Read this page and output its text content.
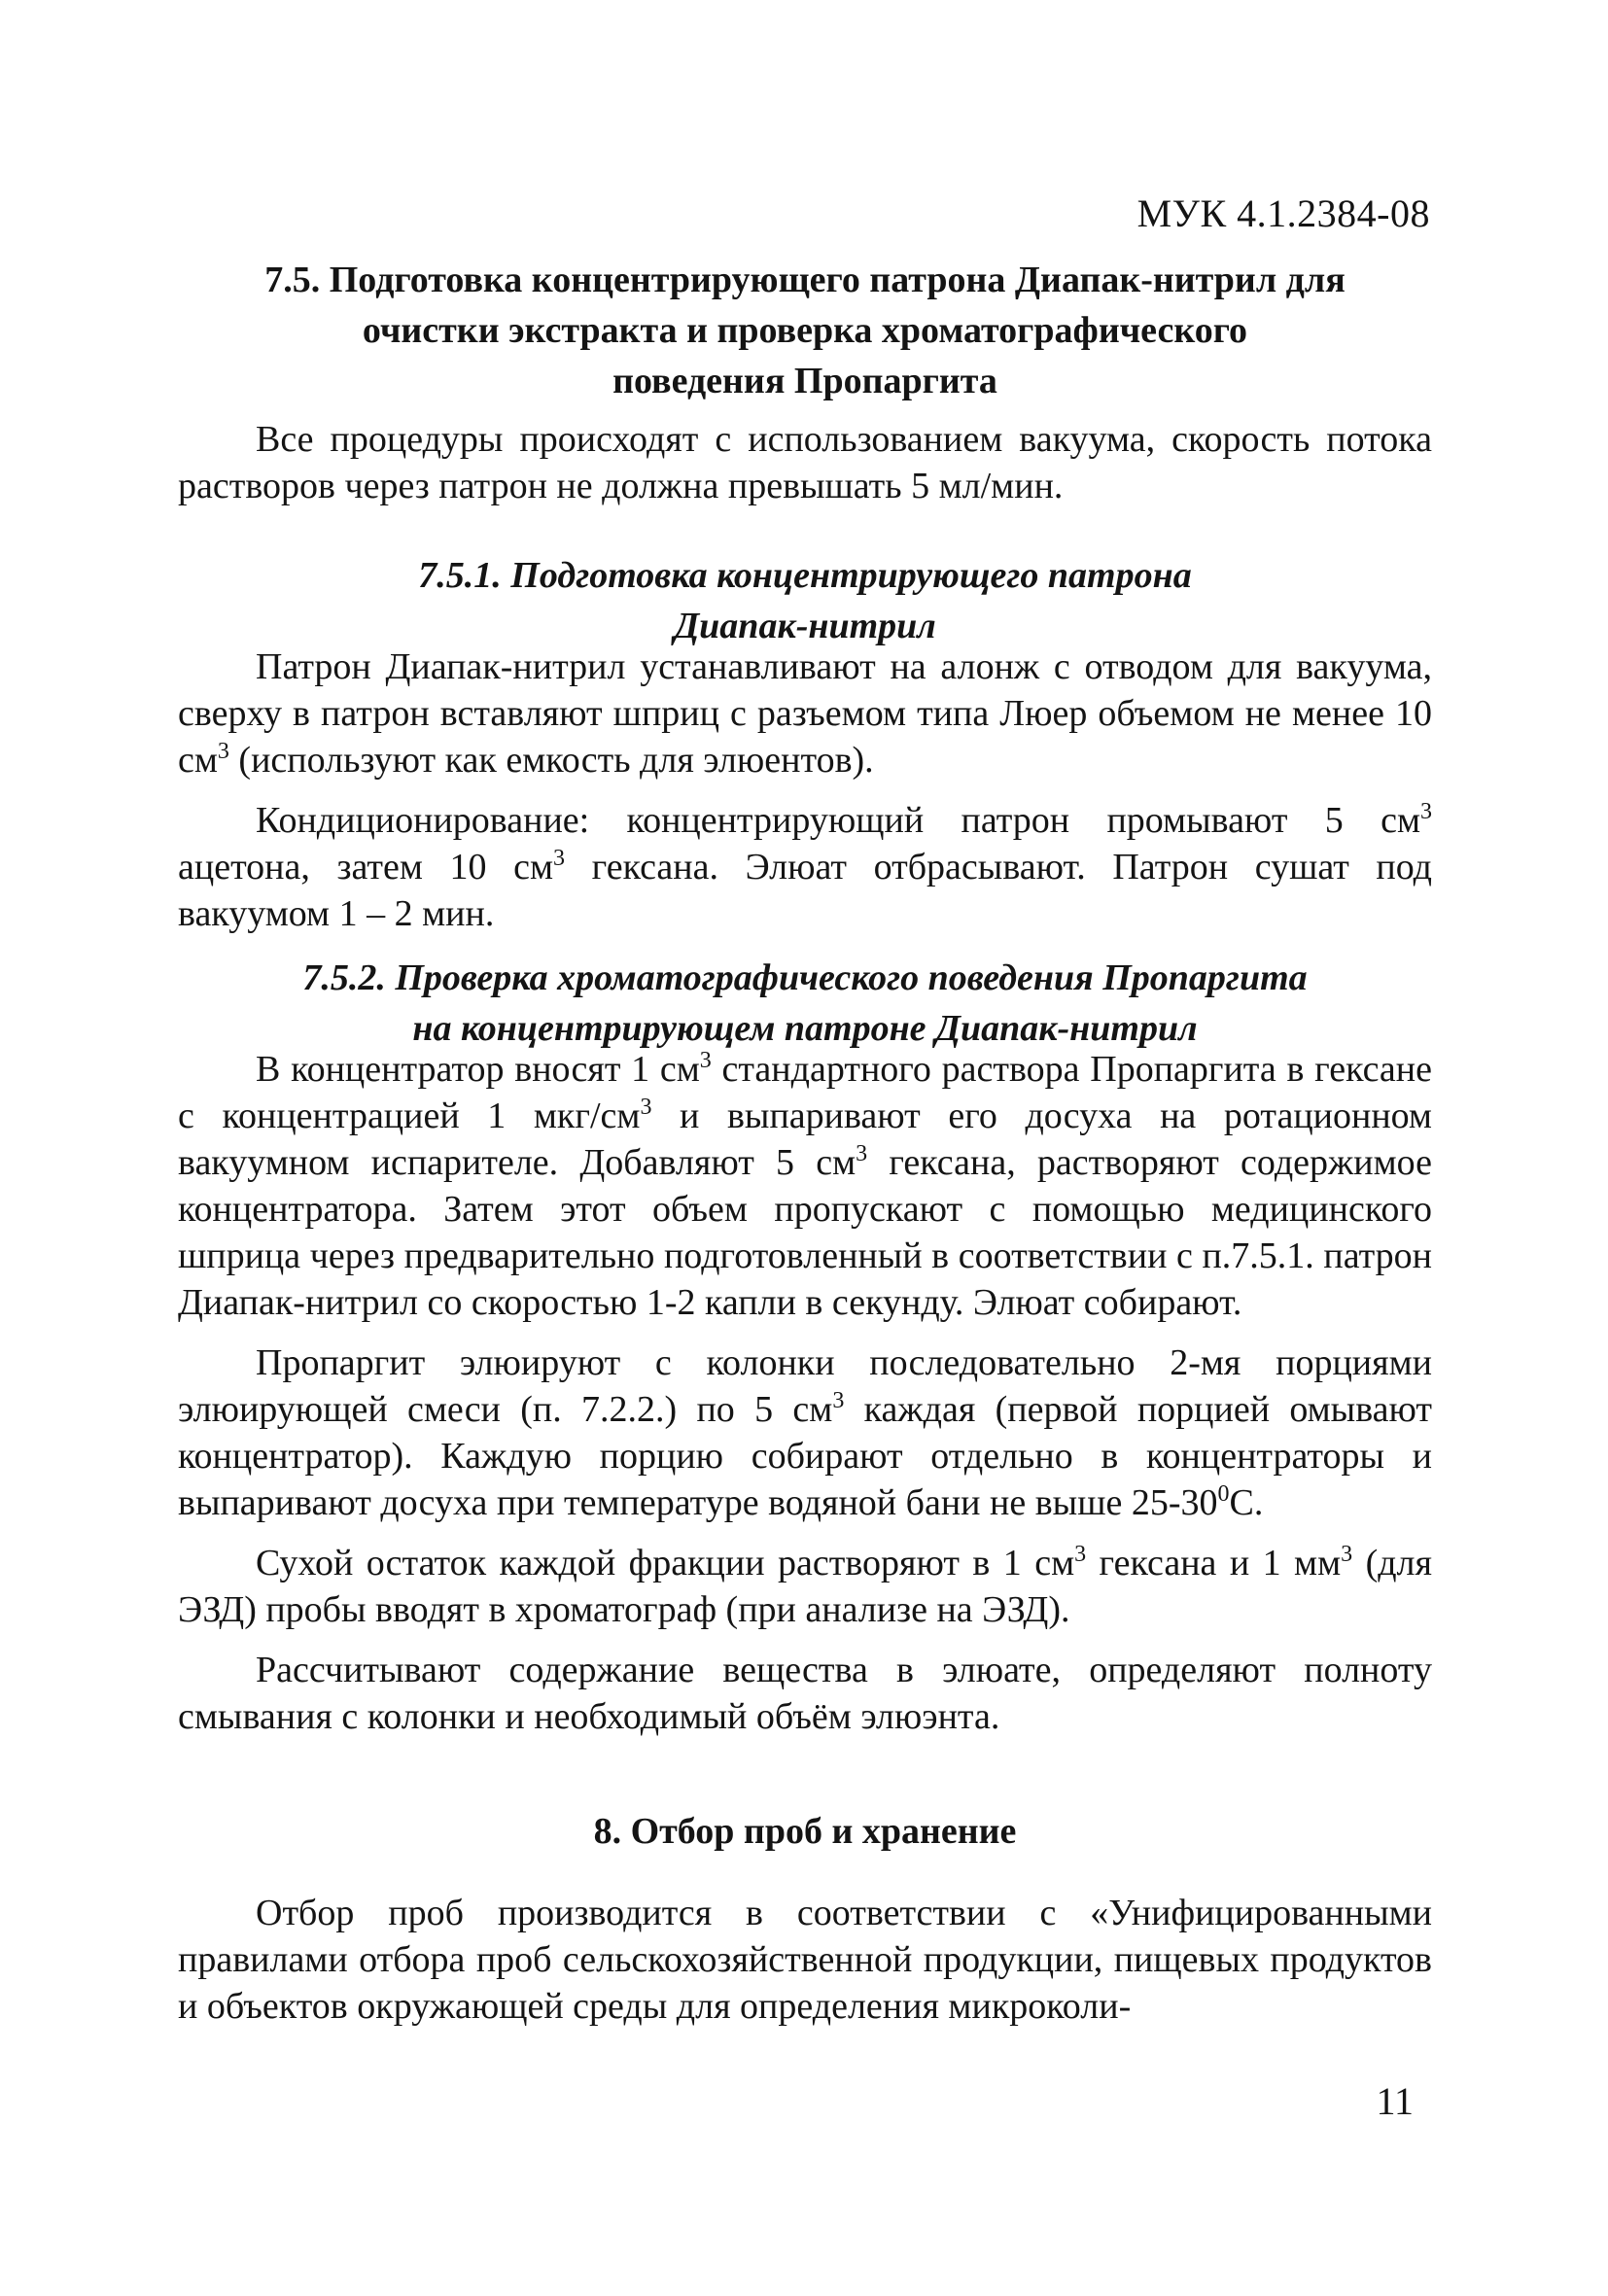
МУК 4.1.2384-08
7.5. Подготовка концентрирующего патрона Диапак-нитрил для
очистки экстракта и проверка хроматографического
поведения Пропаргита

Все процедуры происходят с использованием вакуума, скорость потока растворов через патрон не должна превышать 5 мл/мин.

7.5.1. Подготовка концентрирующего патрона
Диапак-нитрил

Патрон Диапак-нитрил устанавливают на алонж с отводом для вакуума, сверху в патрон вставляют шприц с разъемом типа Люер объемом не менее 10 $см^3$ (используют как емкость для элюентов).

Кондиционирование: концентрирующий патрон промывают 5 $см^3$ ацетона, затем 10 $см^3$ гексана. Элюат отбрасывают. Патрон сушат под вакуумом 1 – 2 мин.

7.5.2. Проверка хроматографического поведения Пропаргита
на концентрирующем патроне Диапак-нитрил

В концентратор вносят 1 $см^3$ стандартного раствора Пропаргита в гексане с концентрацией 1 мкг/$см^3$ и выпаривают его досуха на ротационном вакуумном испарителе. Добавляют 5 $см^3$ гексана, растворяют содержимое концентратора. Затем этот объем пропускают с помощью медицинского шприца через предварительно подготовленный в соответствии с п.7.5.1. патрон Диапак-нитрил со скоростью 1-2 капли в секунду. Элюат собирают.

Пропаргит элюируют с колонки последовательно 2-мя порциями элюирующей смеси (п. 7.2.2.) по 5 $см^3$ каждая (первой порцией омывают концентратор). Каждую порцию собирают отдельно в концентраторы и выпаривают досуха при температуре водяной бани не выше $25-30^0С$.

Сухой остаток каждой фракции растворяют в 1 $см^3$ гексана и 1 $мм^3$ (для ЭЗД) пробы вводят в хроматограф (при анализе на ЭЗД).

Рассчитывают содержание вещества в элюате, определяют полноту смывания с колонки и необходимый объём элюэнта.

8. Отбор проб и хранение

Отбор проб производится в соответствии с «Унифицированными правилами отбора проб сельскохозяйственной продукции, пищевых продуктов и объектов окружающей среды для определения микроколи-

11
